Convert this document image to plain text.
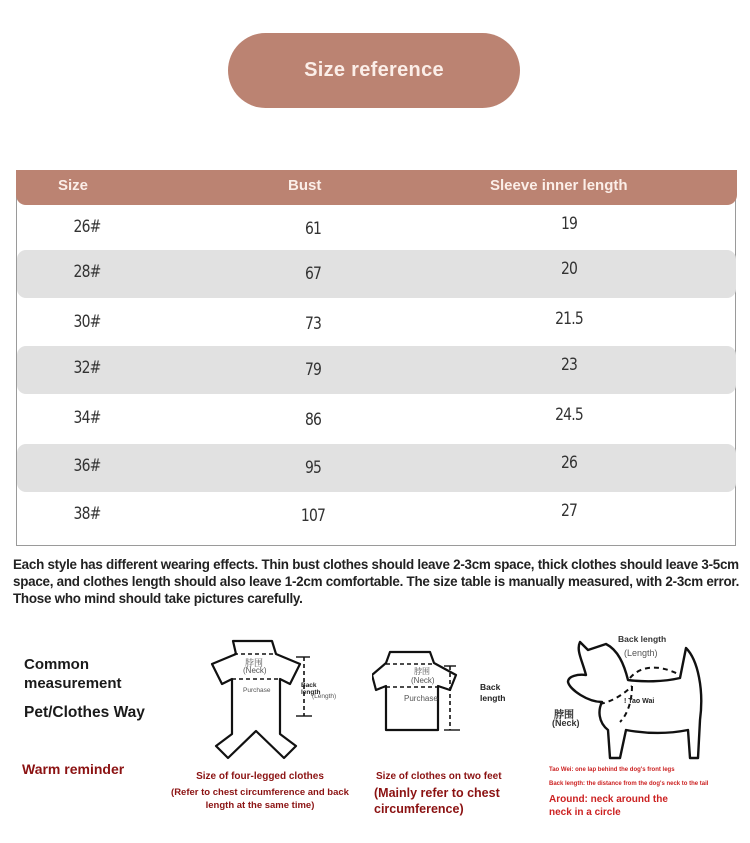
Size reference
Size	Bust	Sleeve inner length
26#	61	19
28#	67	20
30#	73	21.5
32#	79	23
34#	86	24.5
36#	95	26
38#	107	27

Each style has different wearing effects. Thin bust clothes should leave 2-3cm space, thick clothes should leave 3-5cm space, and clothes length should also leave 1-2cm comfortable. The size table is manually measured, with 2-3cm error. Those who mind should take pictures carefully.

Common measurement
Pet/Clothes Way
Warm reminder
脖围
(Neck)
Purchase
Back length
(Length)
Size of four-legged clothes
(Refer to chest circumference and back length at the same time)
脖围
(Neck)
Purchase
Back length
Size of clothes on two feet
(Mainly refer to chest circumference)
Back length
(Length)
脖围
(Neck)
! Tao Wai
Tao Wei: one lap behind the dog's front legs
Back length: the distance from the dog's neck to the tail
Around: neck around the neck in a circle
